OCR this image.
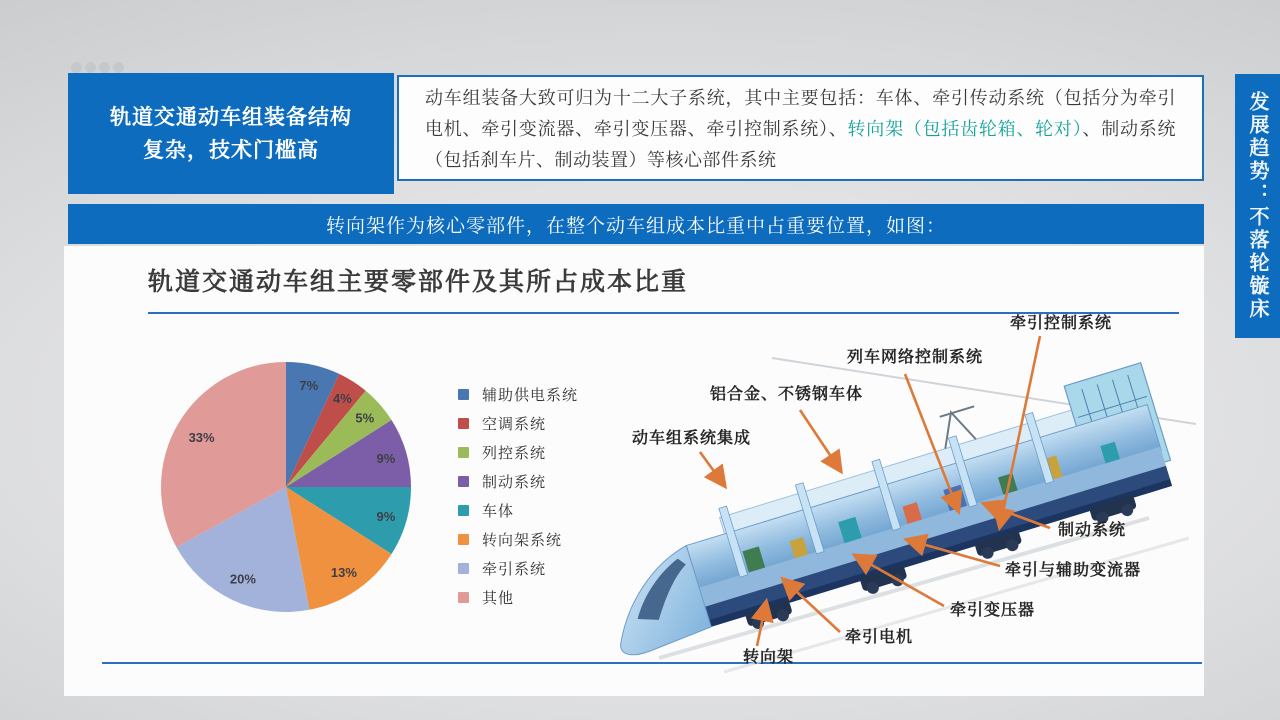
轨道交通动车组装备结构
复杂，技术门槛高
动车组装备大致可归为十二大子系统，其中主要包括：车体、牵引传动系统（包括分为牵引电机、牵引变流器、牵引变压器、牵引控制系统）、转向架（包括齿轮箱、轮对）、制动系统（包括刹车片、制动装置）等核心部件系统
转向架作为核心零部件，在整个动车组成本比重中占重要位置，如图：	发展趋势：不落轮镟床
轨道交通动车组主要零部件及其所占成本比重
7%
4%
5%
9%
9%
13%
20%
33%
辅助供电系统
空调系统
列控系统
制动系统
车体
转向架系统
牵引系统
其他
牵引控制系统
列车网络控制系统
铝合金、不锈钢车体
动车组系统集成
制动系统
牵引与辅助变流器
牵引变压器
牵引电机
转向架
